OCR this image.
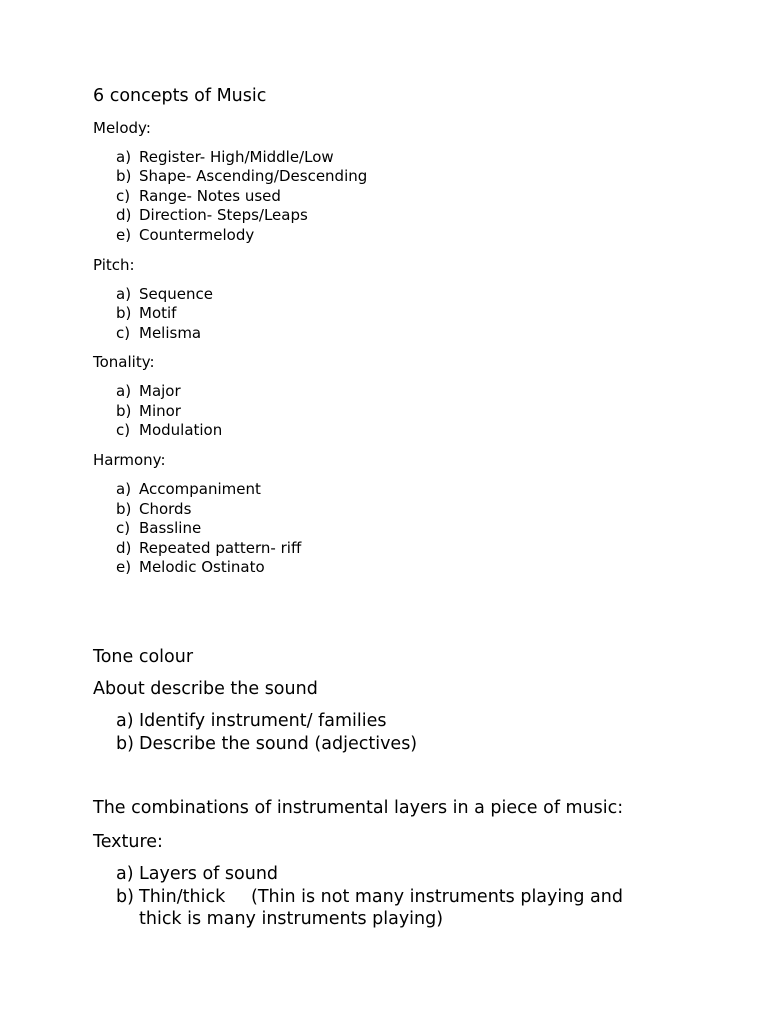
6 concepts of Music
Melody:
a) Register- High/Middle/Low
b) Shape- Ascending/Descending
c) Range- Notes used
d) Direction- Steps/Leaps
e) Countermelody
Pitch:
a) Sequence
b) Motif
c) Melisma
Tonality:
a) Major
b) Minor
c) Modulation
Harmony:
a) Accompaniment
b) Chords
c) Bassline
d) Repeated pattern- riff
e) Melodic Ostinato
Tone colour
About describe the sound
a) Identify instrument/ families
b) Describe the sound (adjectives)
The combinations of instrumental layers in a piece of music:
Texture:
a) Layers of sound
b) Thin/thick (Thin is not many instruments playing and
thick is many instruments playing)
